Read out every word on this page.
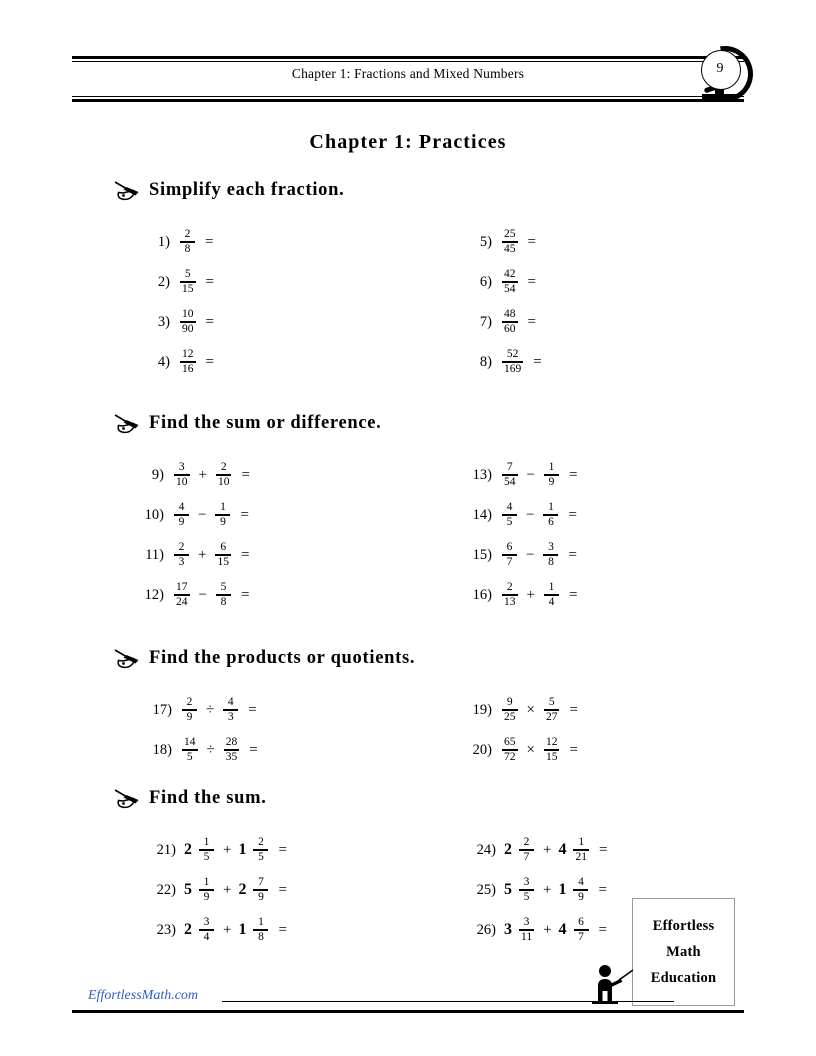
Chapter 1: Fractions and Mixed Numbers	9
Chapter 1: Practices
Simplify each fraction.
$1) \frac{2}{8}$ =
$2) \frac{5}{15}$ =
$3) \frac{10}{90}$ =
$4) \frac{12}{16}$ =
$5) \frac{25}{45}$ =
$6) \frac{42}{54}$ =
$7) \frac{48}{60}$ =
$8) \frac{52}{169}$ =
Find the sum or difference.
$9) \frac{3}{10} + \frac{2}{10}$ =
$10) \frac{4}{9} - \frac{1}{9}$ =
$11) \frac{2}{3} + \frac{6}{15}$ =
$12) \frac{17}{24} - \frac{5}{8}$ =
$13) \frac{7}{54} - \frac{1}{9}$ =
$14) \frac{4}{5} - \frac{1}{6}$ =
$15) \frac{6}{7} - \frac{3}{8}$ =
$16) \frac{2}{13} + \frac{1}{4}$ =
Find the products or quotients.
$17) \frac{2}{9} \div \frac{4}{3}$ =
$18) \frac{14}{5} \div \frac{28}{35}$ =
$19) \frac{9}{25} \times \frac{5}{27}$ =
$20) \frac{65}{72} \times \frac{12}{15}$ =
Find the sum.
21) $2 \frac{1}{5} + 1 \frac{2}{5}$ =
22) $5 \frac{1}{9} + 2 \frac{7}{9}$ =
23) $2 \frac{3}{4} + 1 \frac{1}{8}$ =
24) $2 \frac{2}{7} + 4 \frac{1}{21}$ =
25) $5 \frac{3}{5} + 1 \frac{4}{9}$ =
26) $3 \frac{3}{11} + 4 \frac{6}{7}$ =	Effortless
Math
Education
EffortlessMath.com
